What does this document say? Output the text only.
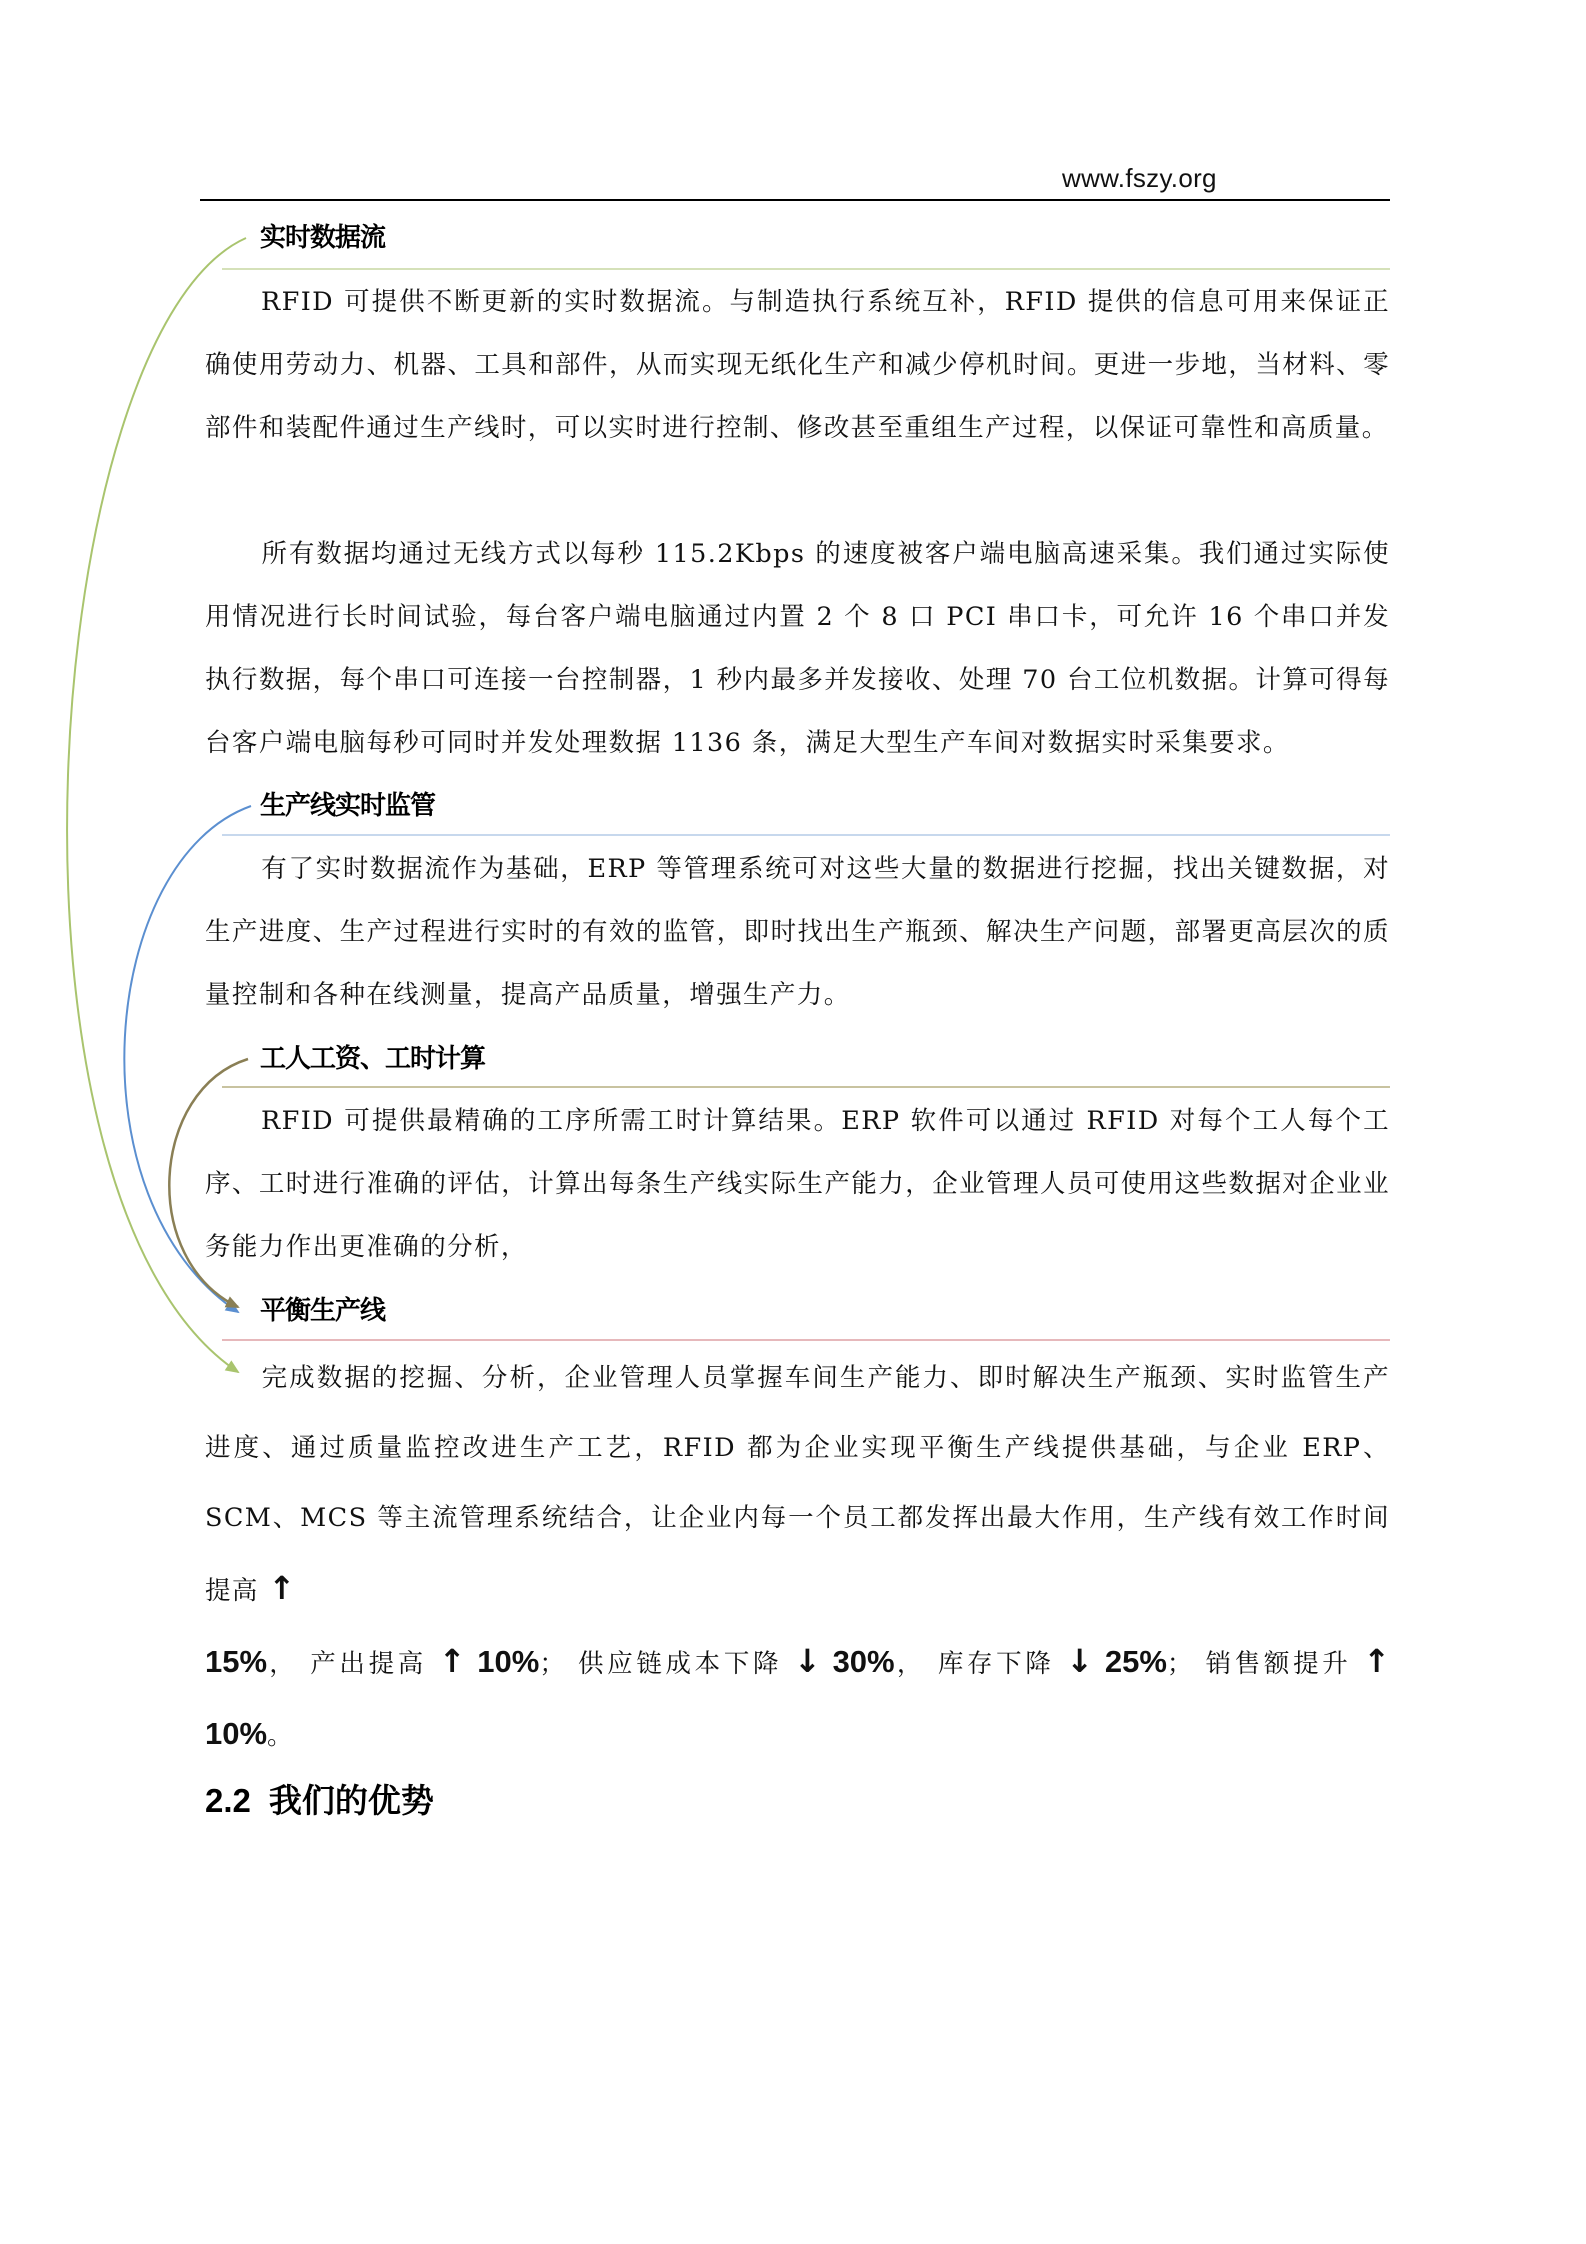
www.fszy.org
实时数据流
RFID 可提供不断更新的实时数据流。与制造执行系统互补，RFID 提供的信息可用来保证正确使用劳动力、机器、工具和部件，从而实现无纸化生产和减少停机时间。更进一步地，当材料、零部件和装配件通过生产线时，可以实时进行控制、修改甚至重组生产过程，以保证可靠性和高质量。
所有数据均通过无线方式以每秒 115.2Kbps 的速度被客户端电脑高速采集。我们通过实际使用情况进行长时间试验，每台客户端电脑通过内置 2 个 8 口 PCI 串口卡，可允许 16 个串口并发执行数据，每个串口可连接一台控制器，1 秒内最多并发接收、处理 70 台工位机数据。计算可得每台客户端电脑每秒可同时并发处理数据 1136 条，满足大型生产车间对数据实时采集要求。
生产线实时监管
有了实时数据流作为基础，ERP 等管理系统可对这些大量的数据进行挖掘，找出关键数据，对生产进度、生产过程进行实时的有效的监管，即时找出生产瓶颈、解决生产问题，部署更高层次的质量控制和各种在线测量，提高产品质量，增强生产力。
工人工资、工时计算
RFID 可提供最精确的工序所需工时计算结果。ERP 软件可以通过 RFID 对每个工人每个工序、工时进行准确的评估，计算出每条生产线实际生产能力，企业管理人员可使用这些数据对企业业务能力作出更准确的分析，
平衡生产线
完成数据的挖掘、分析，企业管理人员掌握车间生产能力、即时解决生产瓶颈、实时监管生产进度、通过质量监控改进生产工艺，RFID 都为企业实现平衡生产线提供基础，与企业 ERP、SCM、MCS 等主流管理系统结合，让企业内每一个员工都发挥出最大作用，生产线有效工作时间提高 ↑
15%， 产出提高 ↑ 10%； 供应链成本下降 ↓ 30%， 库存下降 ↓ 25%； 销售额提升 ↑ 10%。
2.2 我们的优势
